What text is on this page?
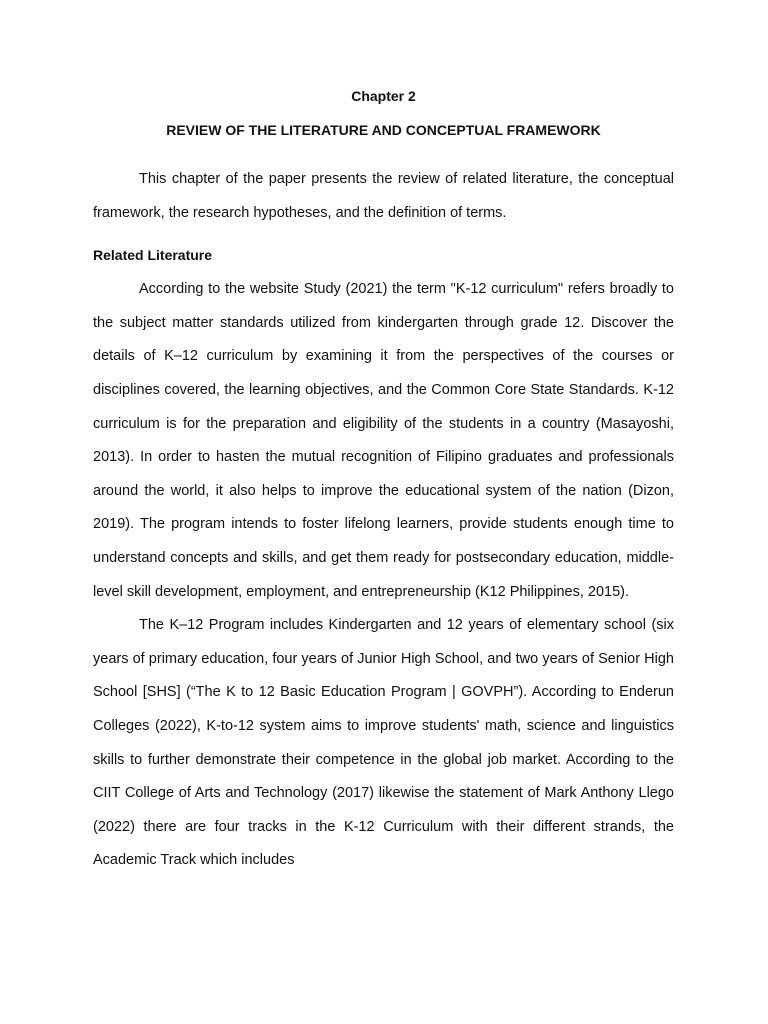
Chapter 2

REVIEW OF THE LITERATURE AND CONCEPTUAL FRAMEWORK

This chapter of the paper presents the review of related literature, the conceptual framework, the research hypotheses, and the definition of terms.

Related Literature

According to the website Study (2021) the term "K-12 curriculum" refers broadly to the subject matter standards utilized from kindergarten through grade 12. Discover the details of K–12 curriculum by examining it from the perspectives of the courses or disciplines covered, the learning objectives, and the Common Core State Standards. K-12 curriculum is for the preparation and eligibility of the students in a country (Masayoshi, 2013). In order to hasten the mutual recognition of Filipino graduates and professionals around the world, it also helps to improve the educational system of the nation (Dizon, 2019). The program intends to foster lifelong learners, provide students enough time to understand concepts and skills, and get them ready for postsecondary education, middle-level skill development, employment, and entrepreneurship (K12 Philippines, 2015).

The K–12 Program includes Kindergarten and 12 years of elementary school (six years of primary education, four years of Junior High School, and two years of Senior High School [SHS] (“The K to 12 Basic Education Program | GOVPH”). According to Enderun Colleges (2022), K-to-12 system aims to improve students' math, science and linguistics skills to further demonstrate their competence in the global job market. According to the CIIT College of Arts and Technology (2017) likewise the statement of Mark Anthony Llego (2022) there are four tracks in the K-12 Curriculum with their different strands, the Academic Track which includes
